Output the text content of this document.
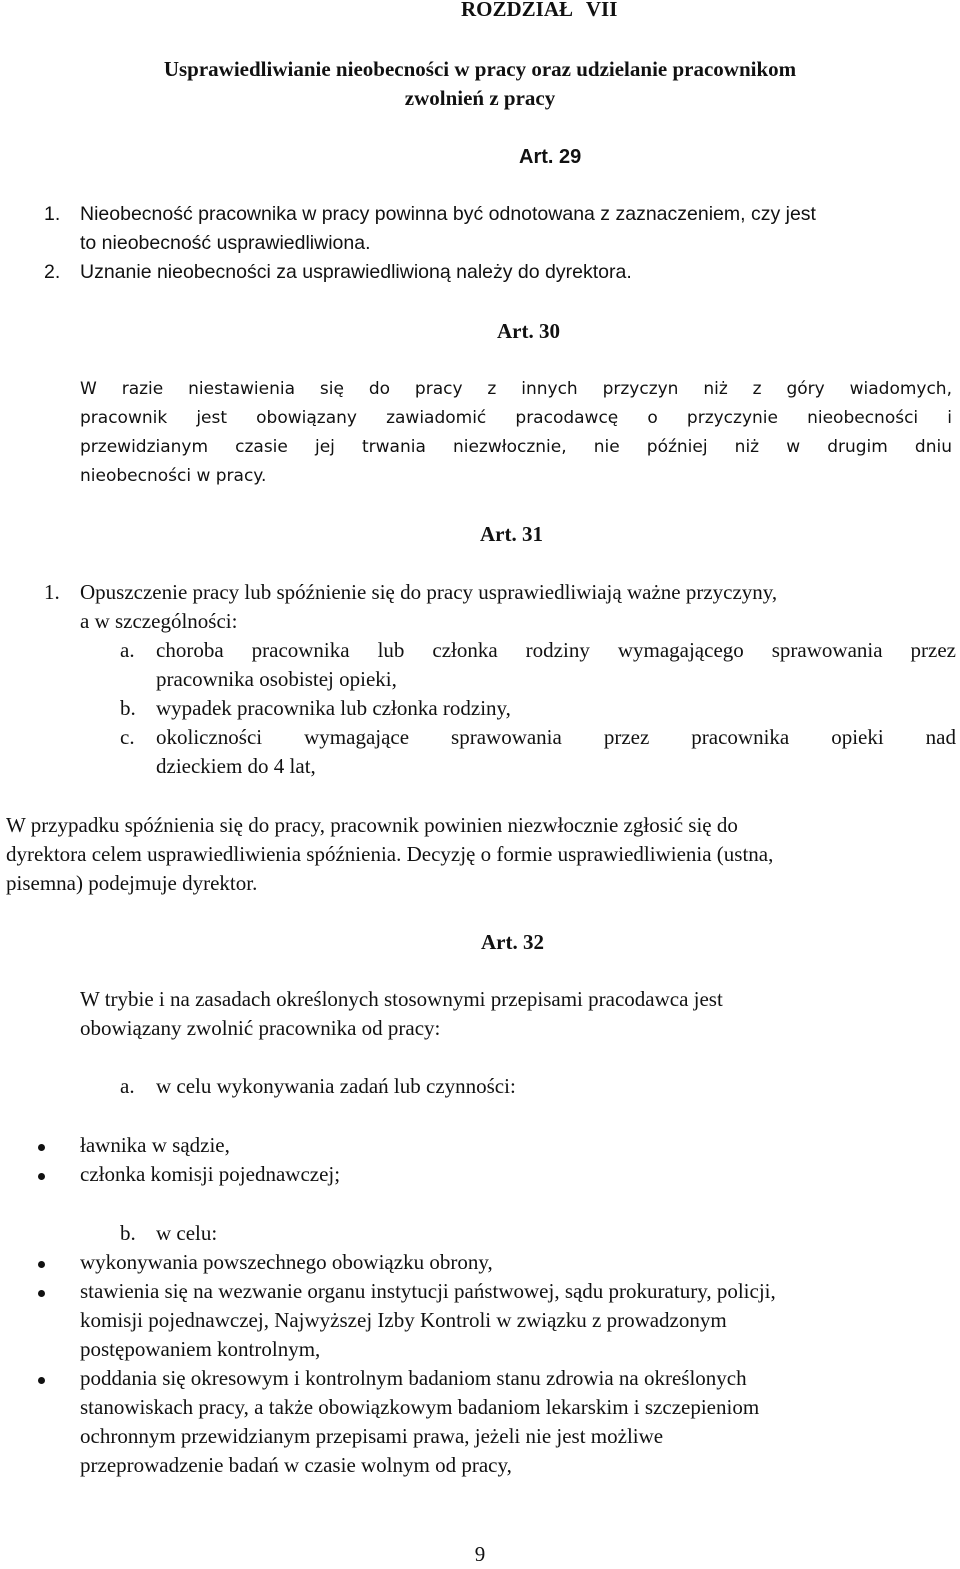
ROZDZIAŁ VII
Usprawiedliwianie nieobecności w pracy oraz udzielanie pracownikom
zwolnień z pracy
Art. 29
1. Nieobecność pracownika w pracy powinna być odnotowana z zaznaczeniem, czy jest
to nieobecność usprawiedliwiona.
2. Uznanie nieobecności za usprawiedliwioną należy do dyrektora.
Art. 30
W razie niestawienia się do pracy z innych przyczyn niż z góry wiadomych,
pracownik jest obowiązany zawiadomić pracodawcę o przyczynie nieobecności i
przewidzianym czasie jej trwania niezwłocznie, nie później niż w drugim dniu
nieobecności w pracy.
Art. 31
1. Opuszczenie pracy lub spóźnienie się do pracy usprawiedliwiają ważne przyczyny,
a w szczególności:
a. choroba pracownika lub członka rodziny wymagającego sprawowania przez
pracownika osobistej opieki,
b. wypadek pracownika lub członka rodziny,
c. okoliczności wymagające sprawowania przez pracownika opieki nad
dzieckiem do 4 lat,
W przypadku spóźnienia się do pracy, pracownik powinien niezwłocznie zgłosić się do
dyrektora celem usprawiedliwienia spóźnienia. Decyzję o formie usprawiedliwienia (ustna,
pisemna) podejmuje dyrektor.
Art. 32
W trybie i na zasadach określonych stosownymi przepisami pracodawca jest
obowiązany zwolnić pracownika od pracy:
a. w celu wykonywania zadań lub czynności:
ławnika w sądzie,
członka komisji pojednawczej;
b. w celu:
wykonywania powszechnego obowiązku obrony,
stawienia się na wezwanie organu instytucji państwowej, sądu prokuratury, policji,
komisji pojednawczej, Najwyższej Izby Kontroli w związku z prowadzonym
postępowaniem kontrolnym,
poddania się okresowym i kontrolnym badaniom stanu zdrowia na określonych
stanowiskach pracy, a także obowiązkowym badaniom lekarskim i szczepieniom
ochronnym przewidzianym przepisami prawa, jeżeli nie jest możliwe
przeprowadzenie badań w czasie wolnym od pracy,
9
